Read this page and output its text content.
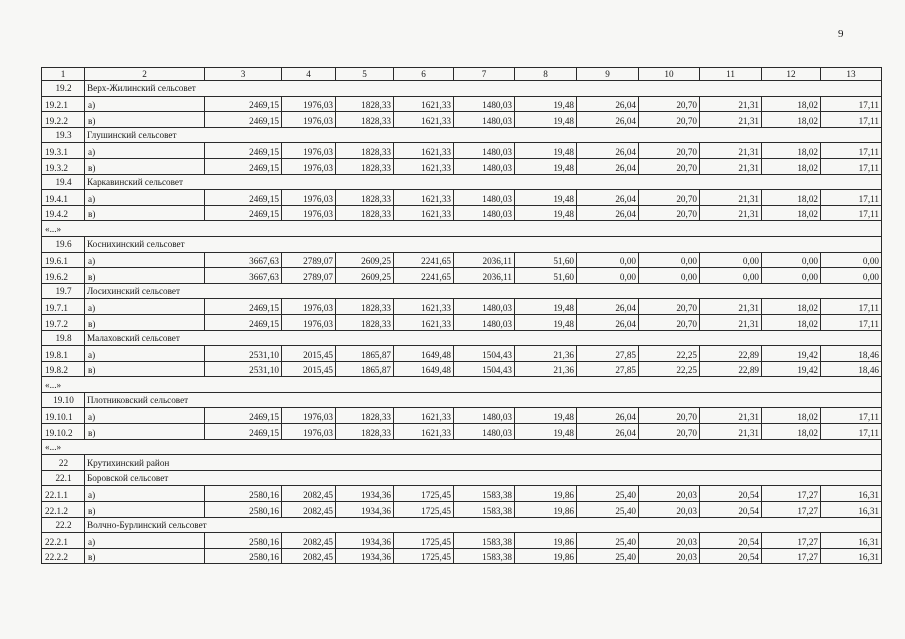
9
1	2	3	4	5	6	7	8	9	10	11	12	13
19.2	Верх-Жилинский сельсовет											
19.2.1	а)	2469,15	1976,03	1828,33	1621,33	1480,03	19,48	26,04	20,70	21,31	18,02	17,11
19.2.2	в)	2469,15	1976,03	1828,33	1621,33	1480,03	19,48	26,04	20,70	21,31	18,02	17,11
19.3	Глушинский сельсовет											
19.3.1	а)	2469,15	1976,03	1828,33	1621,33	1480,03	19,48	26,04	20,70	21,31	18,02	17,11
19.3.2	в)	2469,15	1976,03	1828,33	1621,33	1480,03	19,48	26,04	20,70	21,31	18,02	17,11
19.4	Каркавинский сельсовет											
19.4.1	а)	2469,15	1976,03	1828,33	1621,33	1480,03	19,48	26,04	20,70	21,31	18,02	17,11
19.4.2	в)	2469,15	1976,03	1828,33	1621,33	1480,03	19,48	26,04	20,70	21,31	18,02	17,11
«...»												
19.6	Коснихинский сельсовет											
19.6.1	а)	3667,63	2789,07	2609,25	2241,65	2036,11	51,60	0,00	0,00	0,00	0,00	0,00
19.6.2	в)	3667,63	2789,07	2609,25	2241,65	2036,11	51,60	0,00	0,00	0,00	0,00	0,00
19.7	Лосихинский сельсовет											
19.7.1	а)	2469,15	1976,03	1828,33	1621,33	1480,03	19,48	26,04	20,70	21,31	18,02	17,11
19.7.2	в)	2469,15	1976,03	1828,33	1621,33	1480,03	19,48	26,04	20,70	21,31	18,02	17,11
19.8	Малаховский сельсовет											
19.8.1	а)	2531,10	2015,45	1865,87	1649,48	1504,43	21,36	27,85	22,25	22,89	19,42	18,46
19.8.2	в)	2531,10	2015,45	1865,87	1649,48	1504,43	21,36	27,85	22,25	22,89	19,42	18,46
«...»												
19.10	Плотниковский сельсовет											
19.10.1	а)	2469,15	1976,03	1828,33	1621,33	1480,03	19,48	26,04	20,70	21,31	18,02	17,11
19.10.2	в)	2469,15	1976,03	1828,33	1621,33	1480,03	19,48	26,04	20,70	21,31	18,02	17,11
«...»												
22	Крутихинский район											
22.1	Боровской сельсовет											
22.1.1	а)	2580,16	2082,45	1934,36	1725,45	1583,38	19,86	25,40	20,03	20,54	17,27	16,31
22.1.2	в)	2580,16	2082,45	1934,36	1725,45	1583,38	19,86	25,40	20,03	20,54	17,27	16,31
22.2	Волчно-Бурлинский сельсовет											
22.2.1	а)	2580,16	2082,45	1934,36	1725,45	1583,38	19,86	25,40	20,03	20,54	17,27	16,31
22.2.2	в)	2580,16	2082,45	1934,36	1725,45	1583,38	19,86	25,40	20,03	20,54	17,27	16,31
